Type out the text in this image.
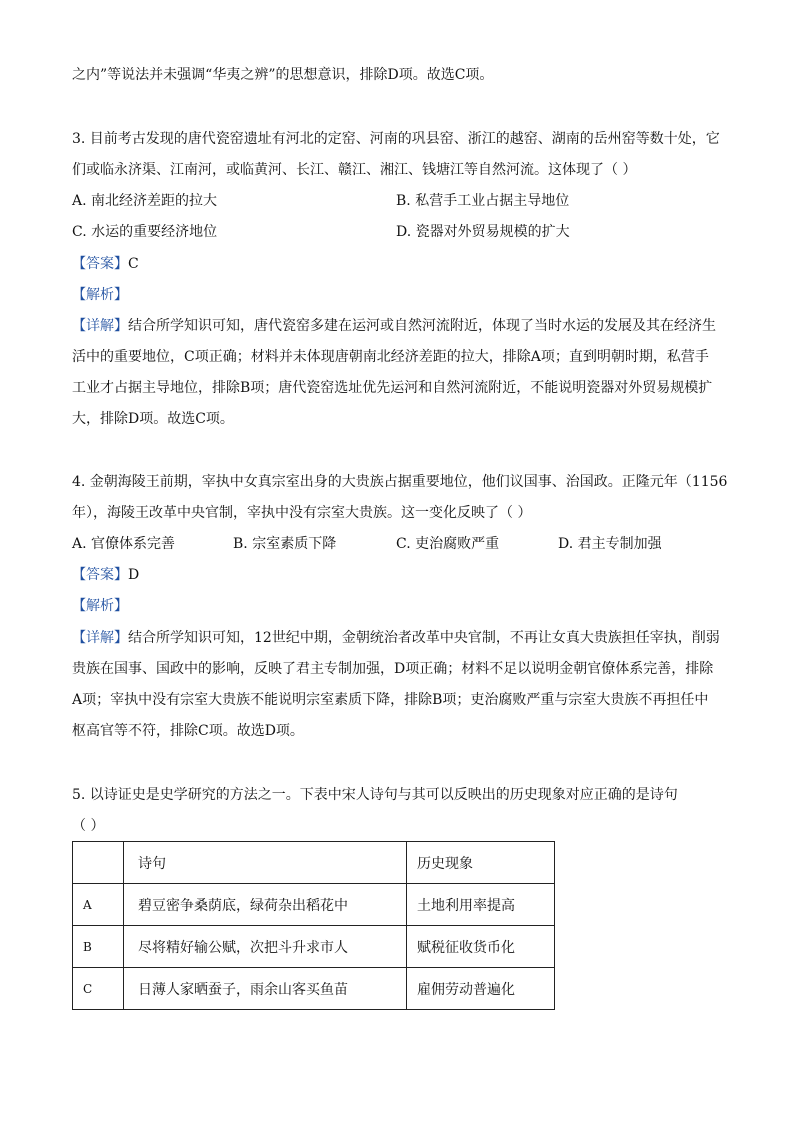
之内”等说法并未强调“华夷之辨”的思想意识，排除D项。故选C项。
3. 目前考古发现的唐代瓷窑遗址有河北的定窑、河南的巩县窑、浙江的越窑、湖南的岳州窑等数十处，它
们或临永济渠、江南河，或临黄河、长江、赣江、湘江、钱塘江等自然河流。这体现了（ ）
A. 南北经济差距的拉大	B. 私营手工业占据主导地位
C. 水运的重要经济地位	D. 瓷器对外贸易规模的扩大
【答案】C
【解析】
【详解】结合所学知识可知，唐代瓷窑多建在运河或自然河流附近，体现了当时水运的发展及其在经济生
活中的重要地位，C项正确；材料并未体现唐朝南北经济差距的拉大，排除A项；直到明朝时期，私营手
工业才占据主导地位，排除B项；唐代瓷窑选址优先运河和自然河流附近，不能说明瓷器对外贸易规模扩
大，排除D项。故选C项。
4. 金朝海陵王前期，宰执中女真宗室出身的大贵族占据重要地位，他们议国事、治国政。正隆元年（1156
年），海陵王改革中央官制，宰执中没有宗室大贵族。这一变化反映了（ ）
A. 官僚体系完善	B. 宗室素质下降	C. 吏治腐败严重	D. 君主专制加强
【答案】D
【解析】
【详解】结合所学知识可知，12世纪中期，金朝统治者改革中央官制，不再让女真大贵族担任宰执，削弱
贵族在国事、国政中的影响，反映了君主专制加强，D项正确；材料不足以说明金朝官僚体系完善，排除
A项；宰执中没有宗室大贵族不能说明宗室素质下降，排除B项；吏治腐败严重与宗室大贵族不再担任中
枢高官等不符，排除C项。故选D项。
5. 以诗证史是史学研究的方法之一。下表中宋人诗句与其可以反映出的历史现象对应正确的是诗句
（ ）
	诗句	历史现象
A	碧豆密争桑荫底，绿荷杂出稻花中	土地利用率提高
B	尽将精好输公赋，次把斗升求市人	赋税征收货币化
C	日薄人家晒蚕子，雨余山客买鱼苗	雇佣劳动普遍化
